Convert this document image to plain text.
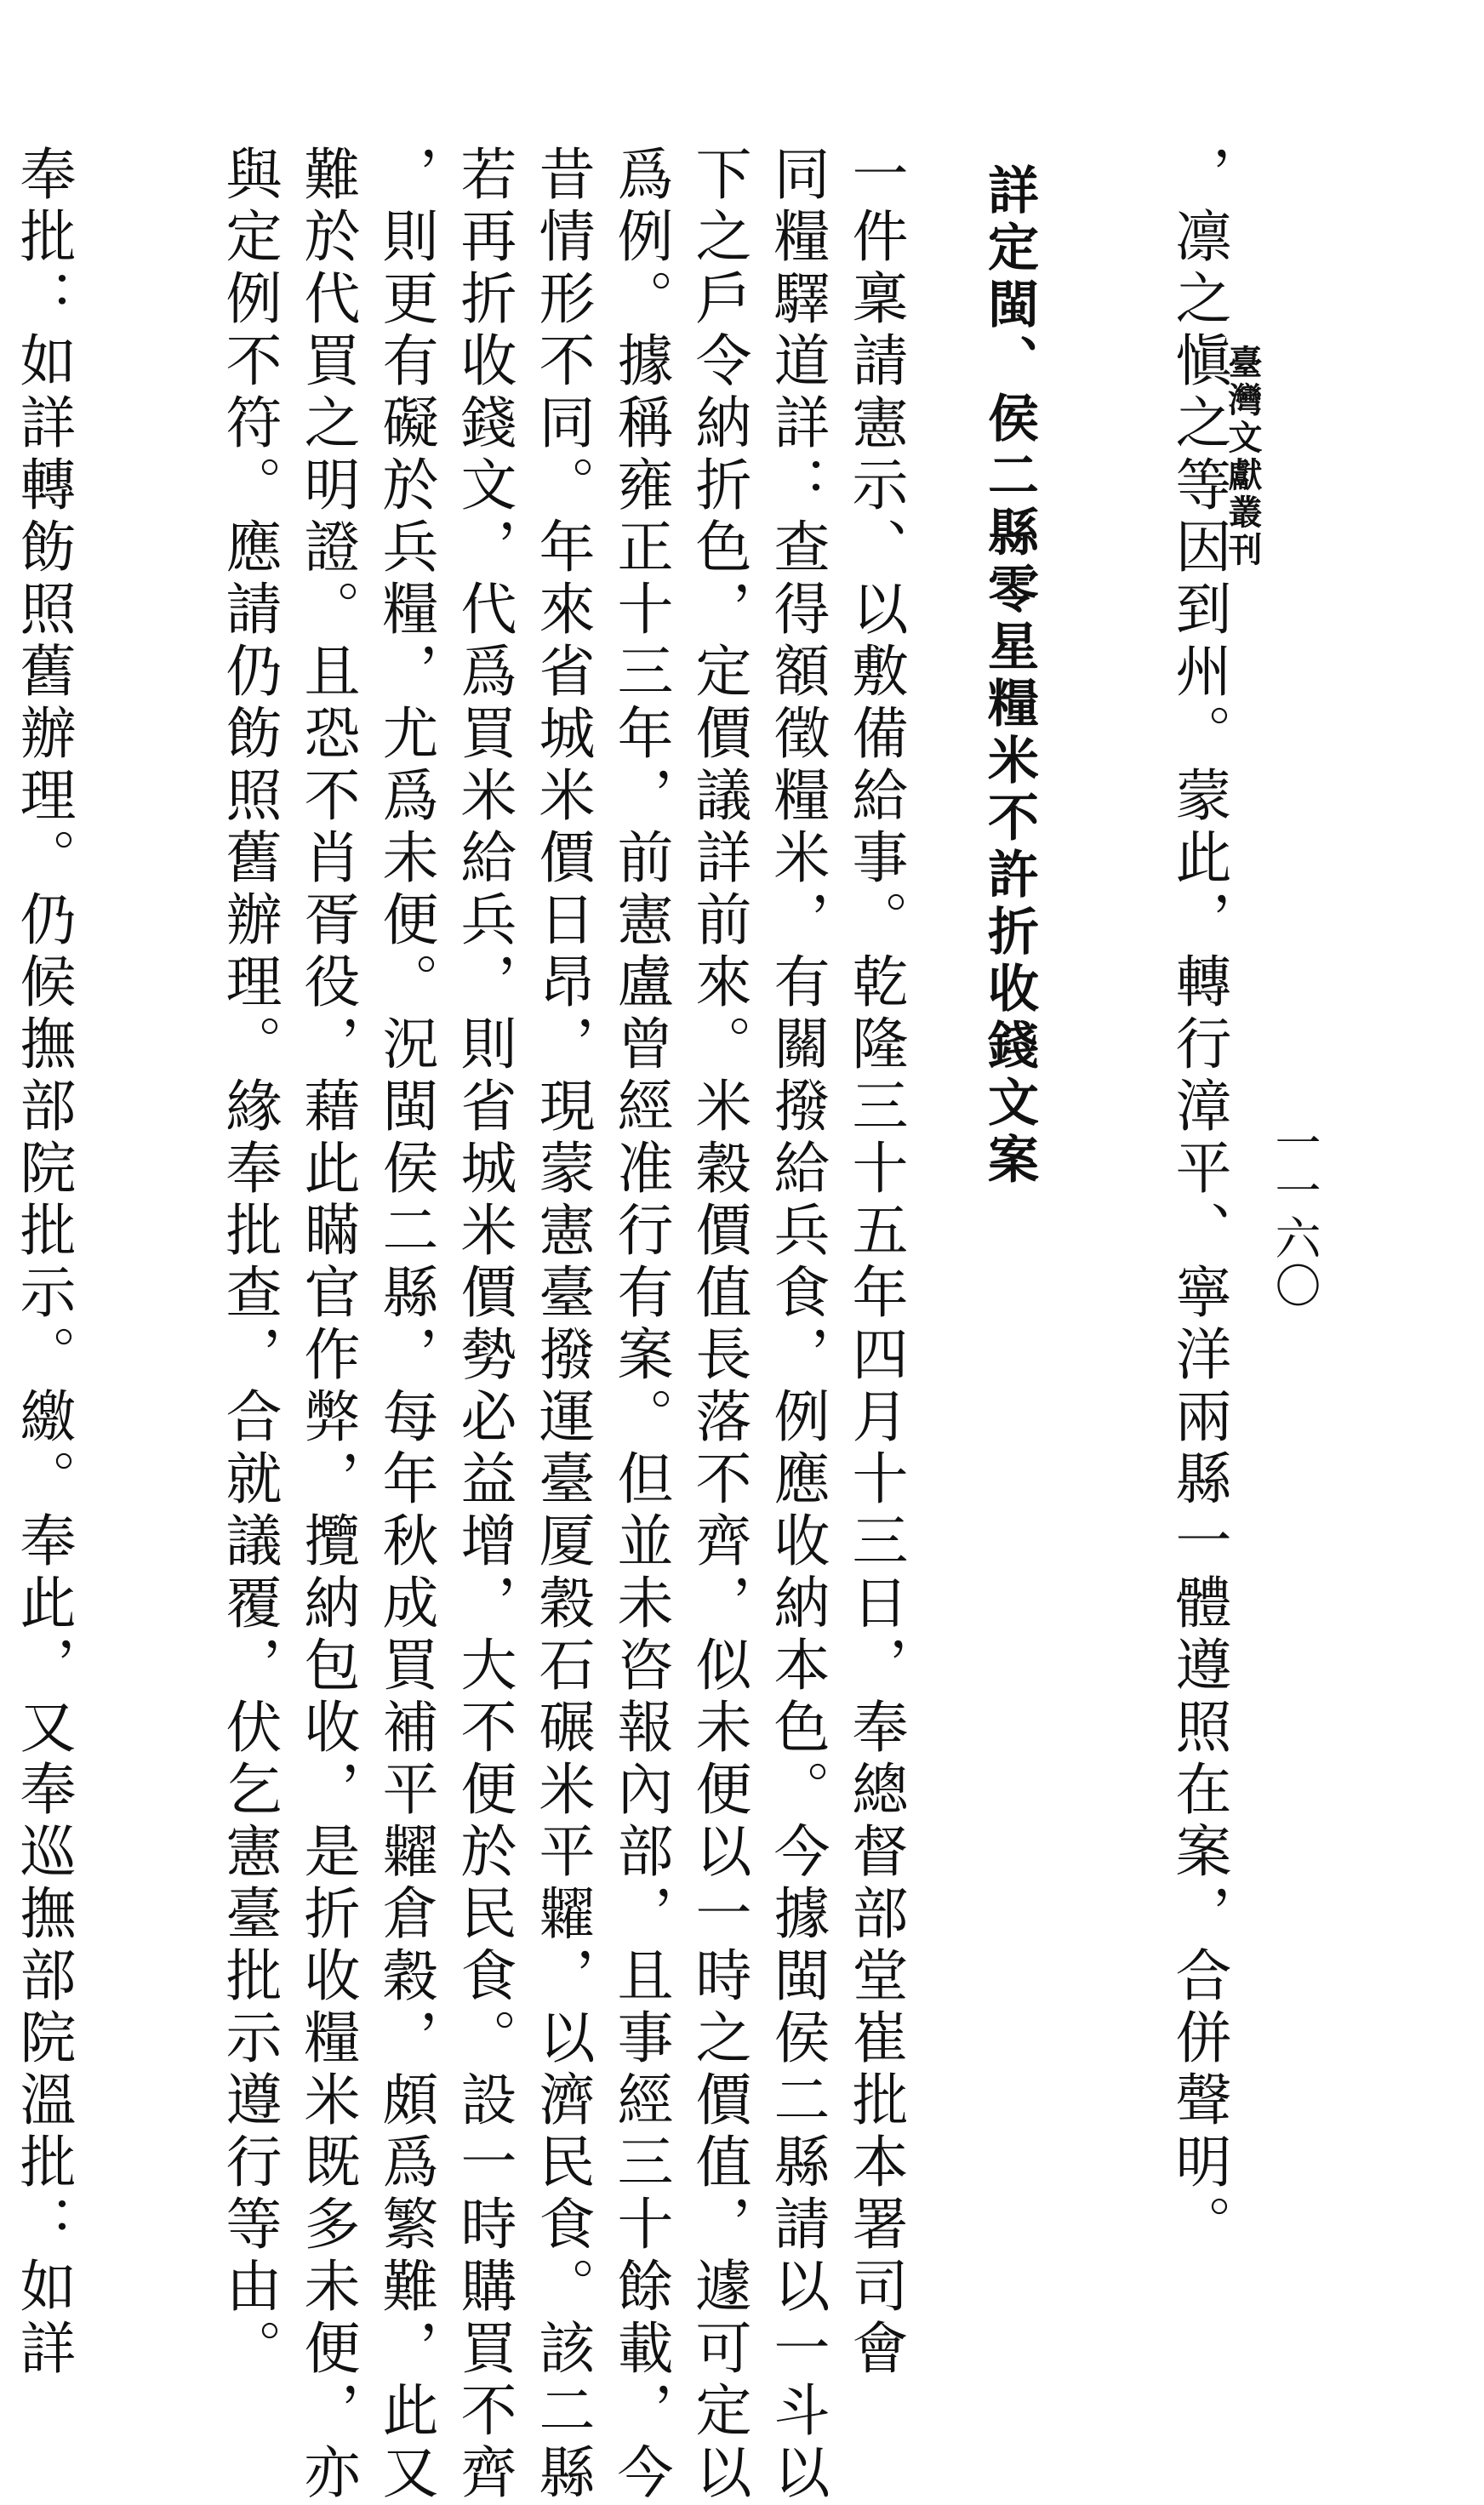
臺灣文獻叢刊
一一六〇

，凛之愼之等因到州。蒙此，轉行漳平、寧洋兩縣一體遵照在案，合併聲明。

詳定閩、侯二縣零星糧米不許折收錢文案

一件稟請憲示、以敷備給事。乾隆三十五年四月十三日，奉總督部堂崔批本署司會

同糧驛道詳：查得額徵糧米，有關撥給兵食，例應收納本色。今據閩侯二縣請以一斗以

下之戶令納折色，定價議詳前來。米穀價值長落不齊，似未便以一時之價值，遽可定以

爲例。據稱雍正十三年，前憲盧曾經准行有案。但並未咨報內部，且事經三十餘載，今

昔情形不同。年來省城米價日昂，現蒙憲臺撥運臺厦穀石碾米平糶，以濟民食。該二縣

若再折收錢文，代爲買米給兵，則省城米價勢必益增，大不便於民食。設一時購買不齊

，則更有礙於兵糧，尤爲未便。況閩侯二縣，每年秋成買補平糶倉穀，頗爲繁難，此又

難於代買之明證。且恐不肖胥役，藉此瞞官作弊，攬納包收，是折收糧米既多未便，亦

與定例不符。應請仍飭照舊辦理。緣奉批查，合就議覆，伏乞憲臺批示遵行等由。

奉批：如詳轉飭照舊辦理。仍候撫部院批示。繳。奉此，又奉巡撫部院溫批：如詳
